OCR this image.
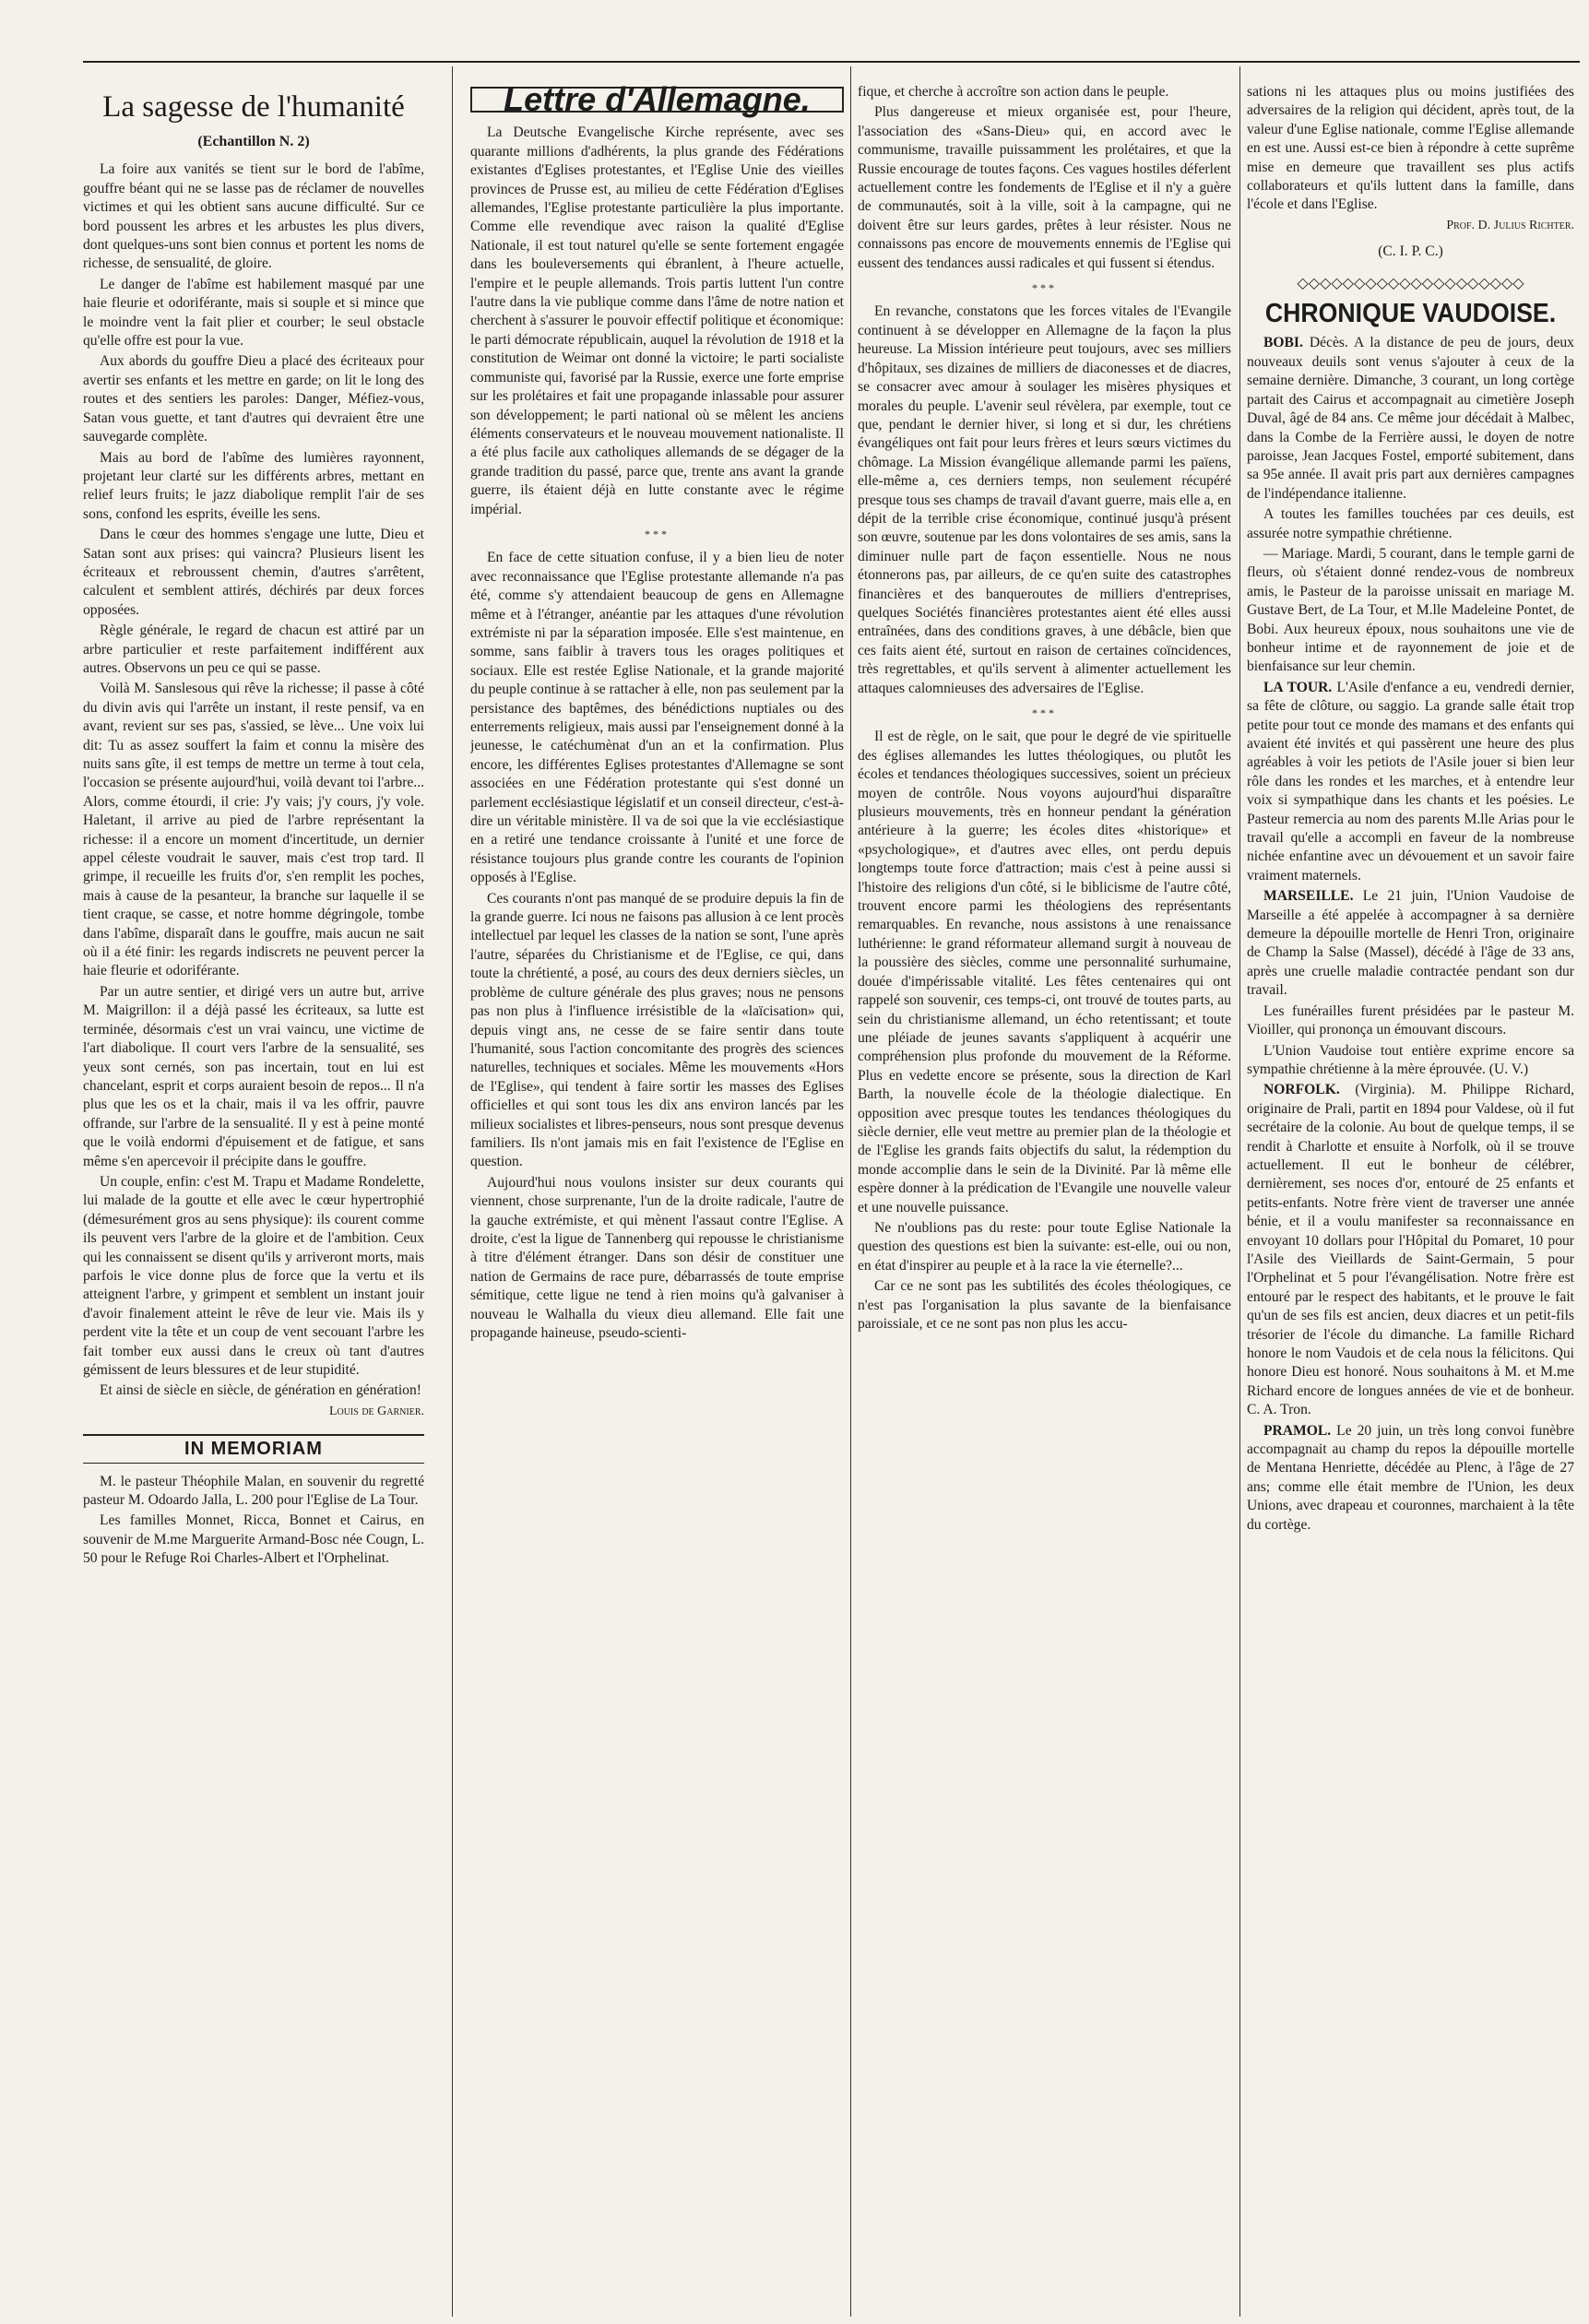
La sagesse de l'humanité
(Echantillon N. 2)

La foire aux vanités se tient sur le bord de l'abîme, gouffre béant qui ne se lasse pas de réclamer de nouvelles victimes et qui les obtient sans aucune difficulté. Sur ce bord poussent les arbres et les arbustes les plus divers, dont quelques-uns sont bien connus et portent les noms de richesse, de sensualité, de gloire.

Le danger de l'abîme est habilement masqué par une haie fleurie et odoriférante, mais si souple et si mince que le moindre vent la fait plier et courber; le seul obstacle qu'elle offre est pour la vue.

Aux abords du gouffre Dieu a placé des écriteaux pour avertir ses enfants et les mettre en garde; on lit le long des routes et des sentiers les paroles: Danger, Méfiez-vous, Satan vous guette, et tant d'autres qui devraient être une sauvegarde complète.

Mais au bord de l'abîme des lumières rayonnent, projetant leur clarté sur les différents arbres, mettant en relief leurs fruits; le jazz diabolique remplit l'air de ses sons, confond les esprits, éveille les sens.

Dans le cœur des hommes s'engage une lutte, Dieu et Satan sont aux prises: qui vaincra? Plusieurs lisent les écriteaux et rebroussent chemin, d'autres s'arrêtent, calculent et semblent attirés, déchirés par deux forces opposées.

Règle générale, le regard de chacun est attiré par un arbre particulier et reste parfaitement indifférent aux autres. Observons un peu ce qui se passe.

Voilà M. Sanslesous qui rêve la richesse; il passe à côté du divin avis qui l'arrête un instant, il reste pensif, va en avant, revient sur ses pas, s'assied, se lève... Une voix lui dit: Tu as assez souffert la faim et connu la misère des nuits sans gîte, il est temps de mettre un terme à tout cela, l'occasion se présente aujourd'hui, voilà devant toi l'arbre... Alors, comme étourdi, il crie: J'y vais; j'y cours, j'y vole. Haletant, il arrive au pied de l'arbre représentant la richesse: il a encore un moment d'incertitude, un dernier appel céleste voudrait le sauver, mais c'est trop tard. Il grimpe, il recueille les fruits d'or, s'en remplit les poches, mais à cause de la pesanteur, la branche sur laquelle il se tient craque, se casse, et notre homme dégringole, tombe dans l'abîme, disparaît dans le gouffre, mais aucun ne sait où il a été finir: les regards indiscrets ne peuvent percer la haie fleurie et odoriférante.

Par un autre sentier, et dirigé vers un autre but, arrive M. Maigrillon: il a déjà passé les écriteaux, sa lutte est terminée, désormais c'est un vrai vaincu, une victime de l'art diabolique. Il court vers l'arbre de la sensualité, ses yeux sont cernés, son pas incertain, tout en lui est chancelant, esprit et corps auraient besoin de repos... Il n'a plus que les os et la chair, mais il va les offrir, pauvre offrande, sur l'arbre de la sensualité. Il y est à peine monté que le voilà endormi d'épuisement et de fatigue, et sans même s'en apercevoir il précipite dans le gouffre.

Un couple, enfin: c'est M. Trapu et Madame Rondelette, lui malade de la goutte et elle avec le cœur hypertrophié (démesurément gros au sens physique): ils courent comme ils peuvent vers l'arbre de la gloire et de l'ambition. Ceux qui les connaissent se disent qu'ils y arriveront morts, mais parfois le vice donne plus de force que la vertu et ils atteignent l'arbre, y grimpent et semblent un instant jouir d'avoir finalement atteint le rêve de leur vie. Mais ils y perdent vite la tête et un coup de vent secouant l'arbre les fait tomber eux aussi dans le creux où tant d'autres gémissent de leurs blessures et de leur stupidité.

Et ainsi de siècle en siècle, de génération en génération!

Louis de Garnier.
IN MEMORIAM

M. le pasteur Théophile Malan, en souvenir du regretté pasteur M. Odoardo Jalla, L. 200 pour l'Eglise de La Tour.

Les familles Monnet, Ricca, Bonnet et Cairus, en souvenir de M.me Marguerite Armand-Bosc née Cougn, L. 50 pour le Refuge Roi Charles-Albert et l'Orphelinat.

Lettre d'Allemagne.

La Deutsche Evangelische Kirche représente, avec ses quarante millions d'adhérents, la plus grande des Fédérations existantes d'Eglises protestantes, et l'Eglise Unie des vieilles provinces de Prusse est, au milieu de cette Fédération d'Eglises allemandes, l'Eglise protestante particulière la plus importante. Comme elle revendique avec raison la qualité d'Eglise Nationale, il est tout naturel qu'elle se sente fortement engagée dans les bouleversements qui ébranlent, à l'heure actuelle, l'empire et le peuple allemands. Trois partis luttent l'un contre l'autre dans la vie publique comme dans l'âme de notre nation et cherchent à s'assurer le pouvoir effectif politique et économique: le parti démocrate républicain, auquel la révolution de 1918 et la constitution de Weimar ont donné la victoire; le parti socialiste communiste qui, favorisé par la Russie, exerce une forte emprise sur les prolétaires et fait une propagande inlassable pour assurer son développement; le parti national où se mêlent les anciens éléments conservateurs et le nouveau mouvement nationaliste. Il a été plus facile aux catholiques allemands de se dégager de la grande tradition du passé, parce que, trente ans avant la grande guerre, ils étaient déjà en lutte constante avec le régime impérial.

***

En face de cette situation confuse, il y a bien lieu de noter avec reconnaissance que l'Eglise protestante allemande n'a pas été, comme s'y attendaient beaucoup de gens en Allemagne même et à l'étranger, anéantie par les attaques d'une révolution extrémiste ni par la séparation imposée. Elle s'est maintenue, en somme, sans faiblir à travers tous les orages politiques et sociaux. Elle est restée Eglise Nationale, et la grande majorité du peuple continue à se rattacher à elle, non pas seulement par la persistance des baptêmes, des bénédictions nuptiales ou des enterrements religieux, mais aussi par l'enseignement donné à la jeunesse, le catéchumènat d'un an et la confirmation. Plus encore, les différentes Eglises protestantes d'Allemagne se sont associées en une Fédération protestante qui s'est donné un parlement ecclésiastique législatif et un conseil directeur, c'est-à-dire un véritable ministère. Il va de soi que la vie ecclésiastique en a retiré une tendance croissante à l'unité et une force de résistance toujours plus grande contre les courants de l'opinion opposés à l'Eglise.

Ces courants n'ont pas manqué de se produire depuis la fin de la grande guerre. Ici nous ne faisons pas allusion à ce lent procès intellectuel par lequel les classes de la nation se sont, l'une après l'autre, séparées du Christianisme et de l'Eglise, ce qui, dans toute la chrétienté, a posé, au cours des deux derniers siècles, un problème de culture générale des plus graves; nous ne pensons pas non plus à l'influence irrésistible de la «laïcisation» qui, depuis vingt ans, ne cesse de se faire sentir dans toute l'humanité, sous l'action concomitante des progrès des sciences naturelles, techniques et sociales. Même les mouvements «Hors de l'Eglise», qui tendent à faire sortir les masses des Eglises officielles et qui sont tous les dix ans environ lancés par les milieux socialistes et libres-penseurs, nous sont presque devenus familiers. Ils n'ont jamais mis en fait l'existence de l'Eglise en question.

Aujourd'hui nous voulons insister sur deux courants qui viennent, chose surprenante, l'un de la droite radicale, l'autre de la gauche extrémiste, et qui mènent l'assaut contre l'Eglise. A droite, c'est la ligue de Tannenberg qui repousse le christianisme à titre d'élément étranger. Dans son désir de constituer une nation de Germains de race pure, débarrassés de toute emprise sémitique, cette ligue ne tend à rien moins qu'à galvaniser à nouveau le Walhalla du vieux dieu allemand. Elle fait une propagande haineuse, pseudo-scienti-

fique, et cherche à accroître son action dans le peuple.

Plus dangereuse et mieux organisée est, pour l'heure, l'association des «Sans-Dieu» qui, en accord avec le communisme, travaille puissamment les prolétaires, et que la Russie encourage de toutes façons. Ces vagues hostiles déferlent actuellement contre les fondements de l'Eglise et il n'y a guère de communautés, soit à la ville, soit à la campagne, qui ne doivent être sur leurs gardes, prêtes à leur résister. Nous ne connaissons pas encore de mouvements ennemis de l'Eglise qui eussent des tendances aussi radicales et qui fussent si étendus.

***

En revanche, constatons que les forces vitales de l'Evangile continuent à se développer en Allemagne de la façon la plus heureuse. La Mission intérieure peut toujours, avec ses milliers d'hôpitaux, ses dizaines de milliers de diaconesses et de diacres, se consacrer avec amour à soulager les misères physiques et morales du peuple. L'avenir seul révèlera, par exemple, tout ce que, pendant le dernier hiver, si long et si dur, les chrétiens évangéliques ont fait pour leurs frères et leurs sœurs victimes du chômage. La Mission évangélique allemande parmi les païens, elle-même a, ces derniers temps, non seulement récupéré presque tous ses champs de travail d'avant guerre, mais elle a, en dépit de la terrible crise économique, continué jusqu'à présent son œuvre, soutenue par les dons volontaires de ses amis, sans la diminuer nulle part de façon essentielle. Nous ne nous étonnerons pas, par ailleurs, de ce qu'en suite des catastrophes financières et des banqueroutes de milliers d'entreprises, quelques Sociétés financières protestantes aient été elles aussi entraînées, dans des conditions graves, à une débâcle, bien que ces faits aient été, surtout en raison de certaines coïncidences, très regrettables, et qu'ils servent à alimenter actuellement les attaques calomnieuses des adversaires de l'Eglise.

***

Il est de règle, on le sait, que pour le degré de vie spirituelle des églises allemandes les luttes théologiques, ou plutôt les écoles et tendances théologiques successives, soient un précieux moyen de contrôle. Nous voyons aujourd'hui disparaître plusieurs mouvements, très en honneur pendant la génération antérieure à la guerre; les écoles dites «historique» et «psychologique», et d'autres avec elles, ont perdu depuis longtemps toute force d'attraction; mais c'est à peine aussi si l'histoire des religions d'un côté, si le biblicisme de l'autre côté, trouvent encore parmi les théologiens des représentants remarquables. En revanche, nous assistons à une renaissance luthérienne: le grand réformateur allemand surgit à nouveau de la poussière des siècles, comme une personnalité surhumaine, douée d'impérissable vitalité. Les fêtes centenaires qui ont rappelé son souvenir, ces temps-ci, ont trouvé de toutes parts, au sein du christianisme allemand, un écho retentissant; et toute une pléiade de jeunes savants s'appliquent à acquérir une compréhension plus profonde du mouvement de la Réforme. Plus en vedette encore se présente, sous la direction de Karl Barth, la nouvelle école de la théologie dialectique. En opposition avec presque toutes les tendances théologiques du siècle dernier, elle veut mettre au premier plan de la théologie et de l'Eglise les grands faits objectifs du salut, la rédemption du monde accomplie dans le sein de la Divinité. Par là même elle espère donner à la prédication de l'Evangile une nouvelle valeur et une nouvelle puissance.

Ne n'oublions pas du reste: pour toute Eglise Nationale la question des questions est bien la suivante: est-elle, oui ou non, en état d'inspirer au peuple et à la race la vie éternelle?...

Car ce ne sont pas les subtilités des écoles théologiques, ce n'est pas l'organisation la plus savante de la bienfaisance paroissiale, et ce ne sont pas non plus les accu-

sations ni les attaques plus ou moins justifiées des adversaires de la religion qui décident, après tout, de la valeur d'une Eglise nationale, comme l'Eglise allemande en est une. Aussi est-ce bien à répondre à cette suprême mise en demeure que travaillent ses plus actifs collaborateurs et qu'ils luttent dans la famille, dans l'école et dans l'Eglise.

Prof. D. Julius Richter.
(C. I. P. C.)
◇◇◇◇◇◇◇◇◇◇◇◇◇◇◇◇◇◇◇◇
CHRONIQUE VAUDOISE.

BOBI. Décès. A la distance de peu de jours, deux nouveaux deuils sont venus s'ajouter à ceux de la semaine dernière. Dimanche, 3 courant, un long cortège partait des Cairus et accompagnait au cimetière Joseph Duval, âgé de 84 ans. Ce même jour décédait à Malbec, dans la Combe de la Ferrière aussi, le doyen de notre paroisse, Jean Jacques Fostel, emporté subitement, dans sa 95e année. Il avait pris part aux dernières campagnes de l'indépendance italienne.

A toutes les familles touchées par ces deuils, est assurée notre sympathie chrétienne.

— Mariage. Mardi, 5 courant, dans le temple garni de fleurs, où s'étaient donné rendez-vous de nombreux amis, le Pasteur de la paroisse unissait en mariage M. Gustave Bert, de La Tour, et M.lle Madeleine Pontet, de Bobi. Aux heureux époux, nous souhaitons une vie de bonheur intime et de rayonnement de joie et de bienfaisance sur leur chemin.

LA TOUR. L'Asile d'enfance a eu, vendredi dernier, sa fête de clôture, ou saggio. La grande salle était trop petite pour tout ce monde des mamans et des enfants qui avaient été invités et qui passèrent une heure des plus agréables à voir les petiots de l'Asile jouer si bien leur rôle dans les rondes et les marches, et à entendre leur voix si sympathique dans les chants et les poésies. Le Pasteur remercia au nom des parents M.lle Arias pour le travail qu'elle a accompli en faveur de la nombreuse nichée enfantine avec un dévouement et un savoir faire vraiment maternels.

MARSEILLE. Le 21 juin, l'Union Vaudoise de Marseille a été appelée à accompagner à sa dernière demeure la dépouille mortelle de Henri Tron, originaire de Champ la Salse (Massel), décédé à l'âge de 33 ans, après une cruelle maladie contractée pendant son dur travail.

Les funérailles furent présidées par le pasteur M. Vioiller, qui prononça un émouvant discours.

L'Union Vaudoise tout entière exprime encore sa sympathie chrétienne à la mère éprouvée. (U. V.)

NORFOLK. (Virginia). M. Philippe Richard, originaire de Prali, partit en 1894 pour Valdese, où il fut secrétaire de la colonie. Au bout de quelque temps, il se rendit à Charlotte et ensuite à Norfolk, où il se trouve actuellement. Il eut le bonheur de célébrer, dernièrement, ses noces d'or, entouré de 25 enfants et petits-enfants. Notre frère vient de traverser une année bénie, et il a voulu manifester sa reconnaissance en envoyant 10 dollars pour l'Hôpital du Pomaret, 10 pour l'Asile des Vieillards de Saint-Germain, 5 pour l'Orphelinat et 5 pour l'évangélisation. Notre frère est entouré par le respect des habitants, et le prouve le fait qu'un de ses fils est ancien, deux diacres et un petit-fils trésorier de l'école du dimanche. La famille Richard honore le nom Vaudois et de cela nous la félicitons. Qui honore Dieu est honoré. Nous souhaitons à M. et M.me Richard encore de longues années de vie et de bonheur. C. A. Tron.

PRAMOL. Le 20 juin, un très long convoi funèbre accompagnait au champ du repos la dépouille mortelle de Mentana Henriette, décédée au Plenc, à l'âge de 27 ans; comme elle était membre de l'Union, les deux Unions, avec drapeau et couronnes, marchaient à la tête du cortège.
